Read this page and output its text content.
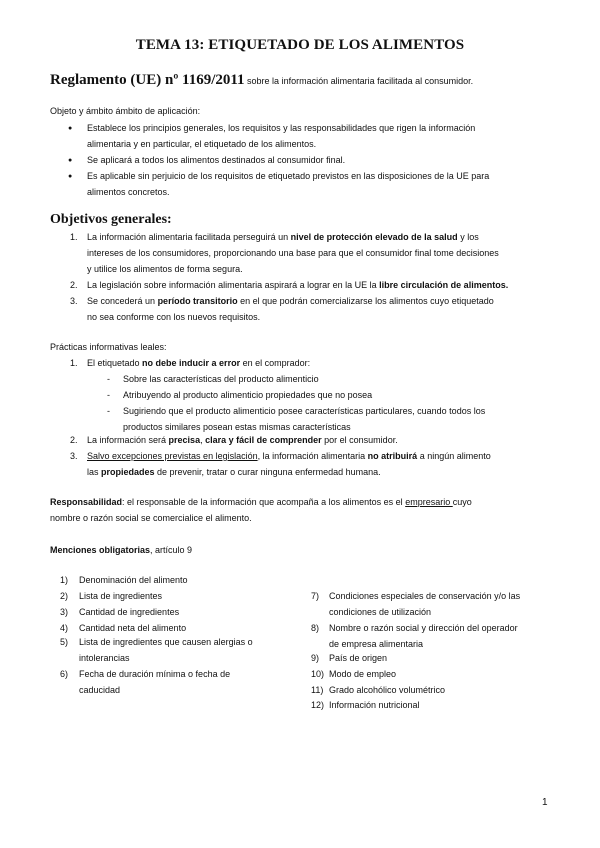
TEMA 13: ETIQUETADO DE LOS ALIMENTOS
Reglamento (UE) nº 1169/2011 sobre la información alimentaria facilitada al consumidor.
Objeto y ámbito ámbito de aplicación:
● Establece los principios generales, los requisitos y las responsabilidades que rigen la información
alimentaria y en particular, el etiquetado de los alimentos.
● Se aplicará a todos los alimentos destinados al consumidor final.
● Es aplicable sin perjuicio de los requisitos de etiquetado previstos en las disposiciones de la UE para
alimentos concretos.
Objetivos generales:
1. La información alimentaria facilitada perseguirá un nivel de protección elevado de la salud y los
intereses de los consumidores, proporcionando una base para que el consumidor final tome decisiones
y utilice los alimentos de forma segura.
2. La legislación sobre información alimentaria aspirará a lograr en la UE la libre circulación de alimentos.
3. Se concederá un período transitorio en el que podrán comercializarse los alimentos cuyo etiquetado
no sea conforme con los nuevos requisitos.
Prácticas informativas leales:
1. El etiquetado no debe inducir a error en el comprador:
- Sobre las características del producto alimenticio
- Atribuyendo al producto alimenticio propiedades que no posea
- Sugiriendo que el producto alimenticio posee características particulares, cuando todos los
productos similares posean estas mismas características
2. La información será precisa, clara y fácil de comprender por el consumidor.
3. Salvo excepciones previstas en legislación, la información alimentaria no atribuirá a ningún alimento
las propiedades de prevenir, tratar o curar ninguna enfermedad humana.
Responsabilidad: el responsable de la información que acompaña a los alimentos es el empresario cuyo
nombre o razón social se comercialice el alimento.
Menciones obligatorias, artículo 9
1) Denominación del alimento
2) Lista de ingredientes
3) Cantidad de ingredientes
4) Cantidad neta del alimento
5) Lista de ingredientes que causen alergias o
intolerancias
6) Fecha de duración mínima o fecha de
caducidad
7) Condiciones especiales de conservación y/o las
condiciones de utilización
8) Nombre o razón social y dirección del operador
de empresa alimentaria
9) País de origen
10) Modo de empleo
11) Grado alcohólico volumétrico
12) Información nutricional
1
